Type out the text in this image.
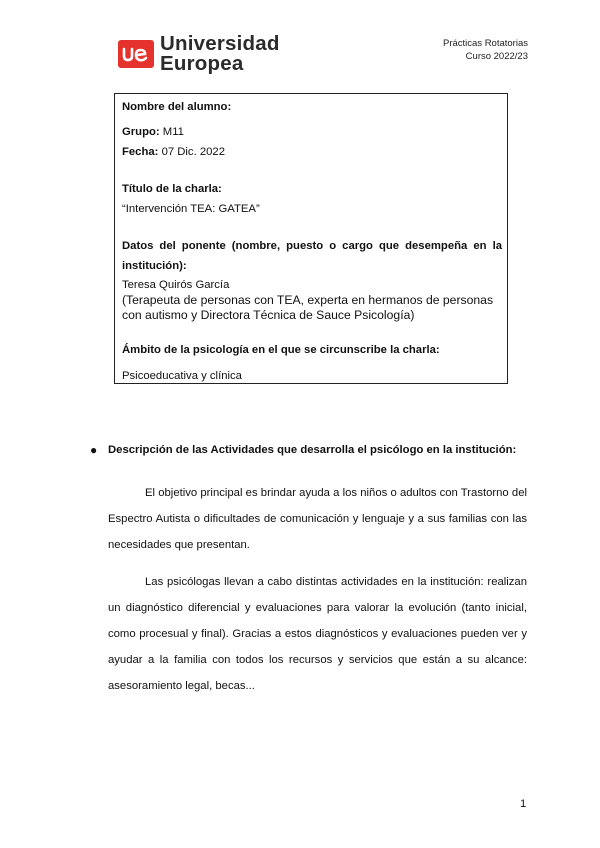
Universidad
Europea
Prácticas Rotatorias
Curso 2022/23
Nombre del alumno:
Grupo: M11
Fecha: 07 Dic. 2022
Título de la charla:
“Intervención TEA: GATEA”
Datos del ponente (nombre, puesto o cargo que desempeña en la
institución):
Teresa Quirós García
(Terapeuta de personas con TEA, experta en hermanos de personas
con autismo y Directora Técnica de Sauce Psicología)
Ámbito de la psicología en el que se circunscribe la charla:
Psicoeducativa y clínica
● Descripción de las Actividades que desarrolla el psicólogo en la institución:
El objetivo principal es brindar ayuda a los niños o adultos con Trastorno del
Espectro Autista o dificultades de comunicación y lenguaje y a sus familias con las
necesidades que presentan.
Las psicólogas llevan a cabo distintas actividades en la institución: realizan
un diagnóstico diferencial y evaluaciones para valorar la evolución (tanto inicial,
como procesual y final). Gracias a estos diagnósticos y evaluaciones pueden ver y
ayudar a la familia con todos los recursos y servicios que están a su alcance:
asesoramiento legal, becas...
1
